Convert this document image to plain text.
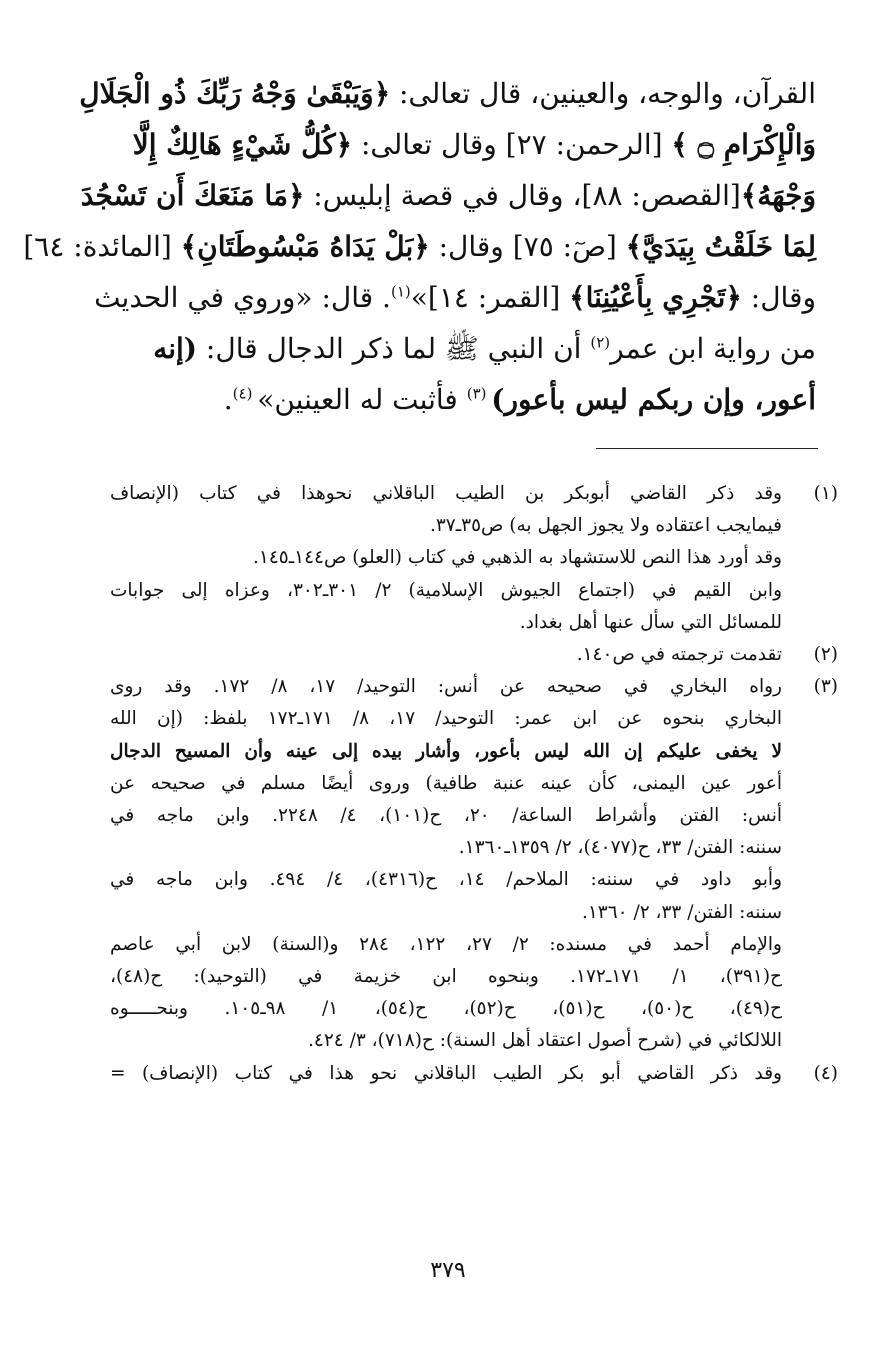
القرآن، والوجه، والعينين، قال تعالى: ﴿وَيَبْقَىٰ وَجْهُ رَبِّكَ ذُو الْجَلَالِ
وَالْإِكْرَامِ ۝ ﴾ [الرحمن: ٢٧] وقال تعالى: ﴿كُلُّ شَيْءٍ هَالِكٌ إِلَّا
وَجْهَهُ﴾[القصص: ٨٨]، وقال في قصة إبليس: ﴿مَا مَنَعَكَ أَن تَسْجُدَ
لِمَا خَلَقْتُ بِيَدَيَّ﴾ [صٓ: ٧٥] وقال: ﴿بَلْ يَدَاهُ مَبْسُوطَتَانِ﴾ [المائدة: ٦٤]
وقال: ﴿تَجْرِي بِأَعْيُنِنَا﴾ [القمر: ١٤]»$^{(١)}$. قال: «وروي في الحديث
من رواية ابن عمر$^{(٢)}$ أن النبي ﷺ لما ذكر الدجال قال: (إنه
أعور، وإن ربكم ليس بأعور) $^{(٣)}$ فأثبت له العينين» $^{(٤)}$.
(١)
وقد ذكر القاضي أبوبكر بن الطيب الباقلاني نحوهذا في كتاب (الإنصاف
فيمايجب اعتقاده ولا يجوز الجهل به) ص٣٥ـ٣٧.
وقد أورد هذا النص للاستشهاد به الذهبي في كتاب (العلو) ص١٤٤ـ١٤٥.
وابن القيم في (اجتماع الجيوش الإسلامية) ٢/ ٣٠١ـ٣٠٢، وعزاه إلى جوابات
للمسائل التي سأل عنها أهل بغداد.
(٢)
تقدمت ترجمته في ص١٤٠.
(٣)
رواه البخاري في صحيحه عن أنس: التوحيد/ ١٧، ٨/ ١٧٢. وقد روى
البخاري بنحوه عن ابن عمر: التوحيد/ ١٧، ٨/ ١٧١ـ١٧٢ بلفظ: (إن الله
لا يخفى عليكم إن الله ليس بأعور، وأشار بيده إلى عينه وأن المسيح الدجال
أعور عين اليمنى، كأن عينه عنبة طافية) وروى أيضًا مسلم في صحيحه عن
أنس: الفتن وأشراط الساعة/ ٢٠، ح(١٠١)، ٤/ ٢٢٤٨. وابن ماجه في
سننه: الفتن/ ٣٣، ح(٤٠٧٧)، ٢/ ١٣٥٩ـ١٣٦٠.
وأبو داود في سننه: الملاحم/ ١٤، ح(٤٣١٦)، ٤/ ٤٩٤. وابن ماجه في
سننه: الفتن/ ٣٣، ٢/ ١٣٦٠.
والإمام أحمد في مسنده: ٢/ ٢٧، ١٢٢، ٢٨٤ و(السنة) لابن أبي عاصم
ح(٣٩١)، ١/ ١٧١ـ١٧٢. وبنحوه ابن خزيمة في (التوحيد): ح(٤٨)،
ح(٤٩)، ح(٥٠)، ح(٥١)، ح(٥٢)، ح(٥٤)، ١/ ٩٨ـ١٠٥. وبنحـــــوه
اللالكائي في (شرح أصول اعتقاد أهل السنة): ح(٧١٨)، ٣/ ٤٢٤.
(٤)
وقد ذكر القاضي أبو بكر الطيب الباقلاني نحو هذا في كتاب (الإنصاف) =
٣٧٩
